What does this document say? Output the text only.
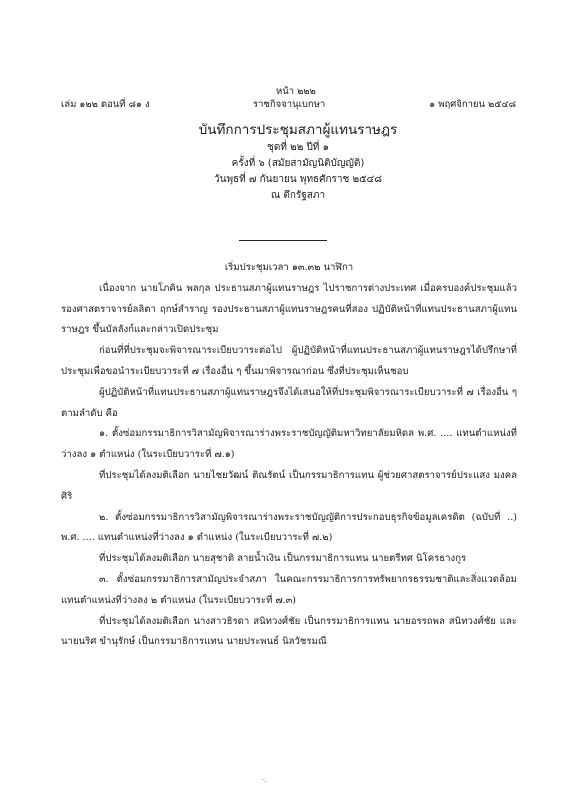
หน้า ๒๒๒
เล่ม ๑๒๒ ตอนที่ ๘๑ ง	ราชกิจจานุเบกษา	๑ พฤศจิกายน ๒๕๔๘
บันทึกการประชุมสภาผู้แทนราษฎร
ชุดที่ ๒๒ ปีที่ ๑
ครั้งที่ ๖ (สมัยสามัญนิติบัญญัติ)
วันพุธที่ ๗ กันยายน พุทธศักราช ๒๕๔๘
ณ ตึกรัฐสภา

เริ่มประชุมเวลา ๑๓.๓๒ นาฬิกา

เนื่องจาก นายโภคิน พลกุล ประธานสภาผู้แทนราษฎร ไปราชการต่างประเทศ เมื่อครบองค์ประชุมแล้ว รองศาสตราจารย์ลลิตา ฤกษ์สำราญ รองประธานสภาผู้แทนราษฎรคนที่สอง ปฏิบัติหน้าที่แทนประธานสภาผู้แทนราษฎร ขึ้นบัลลังก์และกล่าวเปิดประชุม

ก่อนที่ที่ประชุมจะพิจารณาระเบียบวาระต่อไป ผู้ปฏิบัติหน้าที่แทนประธานสภาผู้แทนราษฎรได้ปรึกษาที่ประชุมเพื่อขอนำระเบียบวาระที่ ๗ เรื่องอื่น ๆ ขึ้นมาพิจารณาก่อน ซึ่งที่ประชุมเห็นชอบ

ผู้ปฏิบัติหน้าที่แทนประธานสภาผู้แทนราษฎรจึงได้เสนอให้ที่ประชุมพิจารณาระเบียบวาระที่ ๗ เรื่องอื่น ๆ ตามลำดับ คือ

๑. ตั้งซ่อมกรรมาธิการวิสามัญพิจารณาร่างพระราชบัญญัติมหาวิทยาลัยมหิดล พ.ศ. .... แทนตำแหน่งที่ว่างลง ๑ ตำแหน่ง (ในระเบียบวาระที่ ๗.๑)

ที่ประชุมได้ลงมติเลือก นายไชยวัฒน์ ติณรัตน์ เป็นกรรมาธิการแทน ผู้ช่วยศาสตราจารย์ประแสง มงคลศิริ

๒. ตั้งซ่อมกรรมาธิการวิสามัญพิจารณาร่างพระราชบัญญัติการประกอบธุรกิจข้อมูลเครดิต (ฉบับที่ ..) พ.ศ. .... แทนตำแหน่งที่ว่างลง ๑ ตำแหน่ง (ในระเบียบวาระที่ ๗.๒)

ที่ประชุมได้ลงมติเลือก นายสุชาติ ลายน้ำเงิน เป็นกรรมาธิการแทน นายตรีทศ นิโครธางกูร

๓. ตั้งซ่อมกรรมาธิการสามัญประจำสภา ในคณะกรรมาธิการการทรัพยากรธรรมชาติและสิ่งแวดล้อม แทนตำแหน่งที่ว่างลง ๒ ตำแหน่ง (ในระเบียบวาระที่ ๗.๓)

ที่ประชุมได้ลงมติเลือก นางสาวธิรดา สนิทวงศ์ชัย เป็นกรรมาธิการแทน นายอรรถพล สนิทวงศ์ชัย และ นายนริศ ขำนุรักษ์ เป็นกรรมาธิการแทน นายประพนธ์ นิลวัชรมณี

·.
